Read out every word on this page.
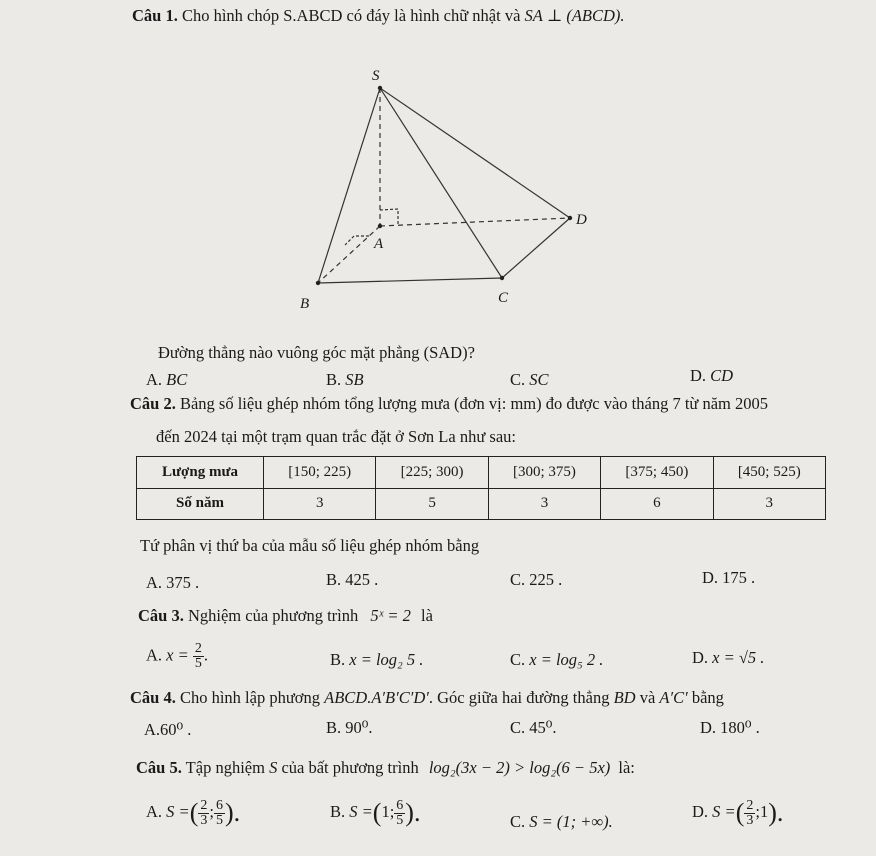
Câu 1. Cho hình chóp S.ABCD có đáy là hình chữ nhật và SA ⊥ (ABCD).
S
A
B	C
D
Đường thẳng nào vuông góc mặt phẳng (SAD)?
A. BC	B. SB	C. SC	D. CD
Câu 2. Bảng số liệu ghép nhóm tổng lượng mưa (đơn vị: mm) đo được vào tháng 7 từ năm 2005
đến 2024 tại một trạm quan trắc đặt ở Sơn La như sau:
Lượng mưa	[150; 225)	[225; 300)	[300; 375)	[375; 450)	[450; 525)
Số năm	3	5	3	6	3
Tứ phân vị thứ ba của mẫu số liệu ghép nhóm bằng
A. 375 .	B. 425 .	C. 225 .	D. 175 .
Câu 3. Nghiệm của phương trình 5ˣ = 2 là
A. $x = \frac{2}{5}$ .	B. x = log₂ 5 .	C. x = log₅ 2 .	D. x = √5 .
Câu 4. Cho hình lập phương ABCD.A′B′C′D′. Góc giữa hai đường thẳng BD và A′C′ bằng
A.60⁰ .	B. 90⁰.	C. 45⁰.	D. 180⁰ .
Câu 5. Tập nghiệm S của bất phương trình log₂(3x − 2) > log₂(6 − 5x) là:
A. S =( $\frac{2}{3}$ ; $\frac{6}{5}$ ).	B. S =(1; $\frac{6}{5}$ ).	C. S = (1; +∞).
D. S =( $\frac{2}{3}$ ;1).
